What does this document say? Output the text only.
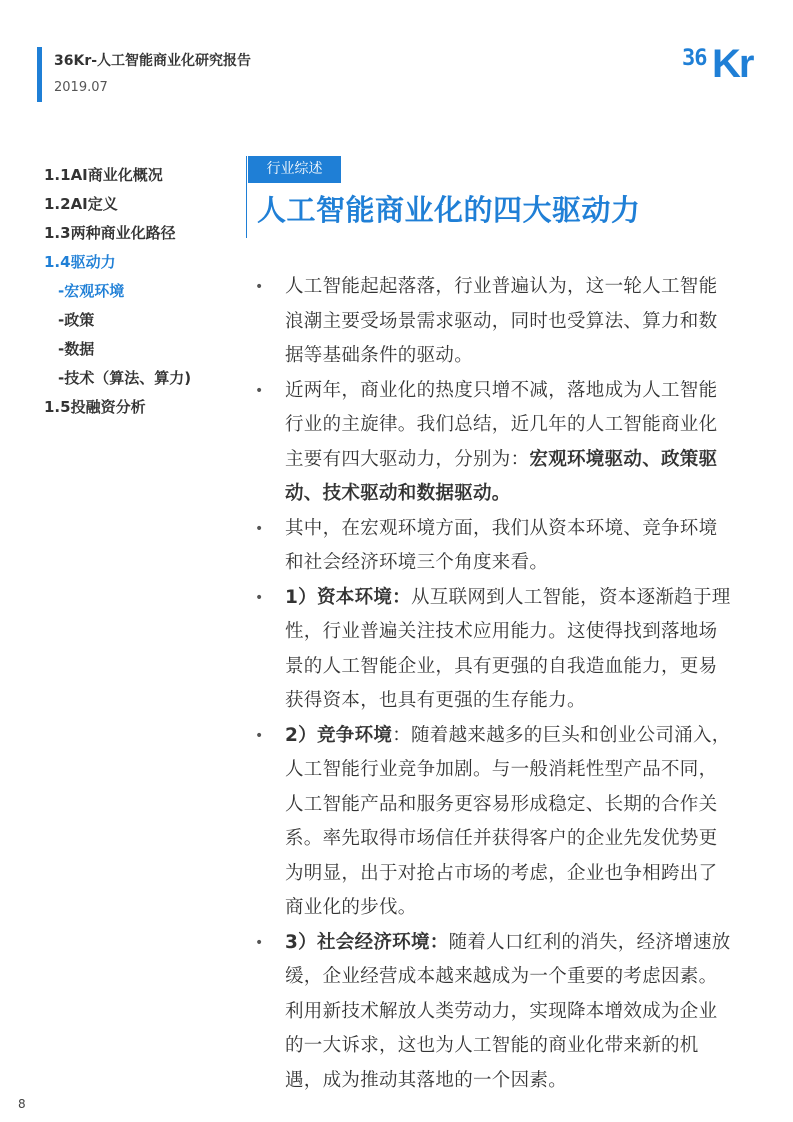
36Kr-人工智能商业化研究报告
2019.07
36 Kr
1.1AI商业化概况
1.2AI定义
1.3两种商业化路径
1.4驱动力
-宏观环境
-政策
-数据
-技术（算法、算力)
1.5投融资分析
行业综述
人工智能商业化的四大驱动力
• 人工智能起起落落，行业普遍认为，这一轮人工智能浪潮主要受场景需求驱动，同时也受算法、算力和数据等基础条件的驱动。
• 近两年，商业化的热度只增不减，落地成为人工智能行业的主旋律。我们总结，近几年的人工智能商业化主要有四大驱动力，分别为：宏观环境驱动、政策驱动、技术驱动和数据驱动。
• 其中，在宏观环境方面，我们从资本环境、竞争环境和社会经济环境三个角度来看。
• 1）资本环境：从互联网到人工智能，资本逐渐趋于理性，行业普遍关注技术应用能力。这使得找到落地场景的人工智能企业，具有更强的自我造血能力，更易获得资本，也具有更强的生存能力。
• 2）竞争环境：随着越来越多的巨头和创业公司涌入，人工智能行业竞争加剧。与一般消耗性型产品不同，人工智能产品和服务更容易形成稳定、长期的合作关系。率先取得市场信任并获得客户的企业先发优势更为明显，出于对抢占市场的考虑，企业也争相跨出了商业化的步伐。
• 3）社会经济环境：随着人口红利的消失，经济增速放缓，企业经营成本越来越成为一个重要的考虑因素。利用新技术解放人类劳动力，实现降本增效成为企业的一大诉求，这也为人工智能的商业化带来新的机遇，成为推动其落地的一个因素。
8
